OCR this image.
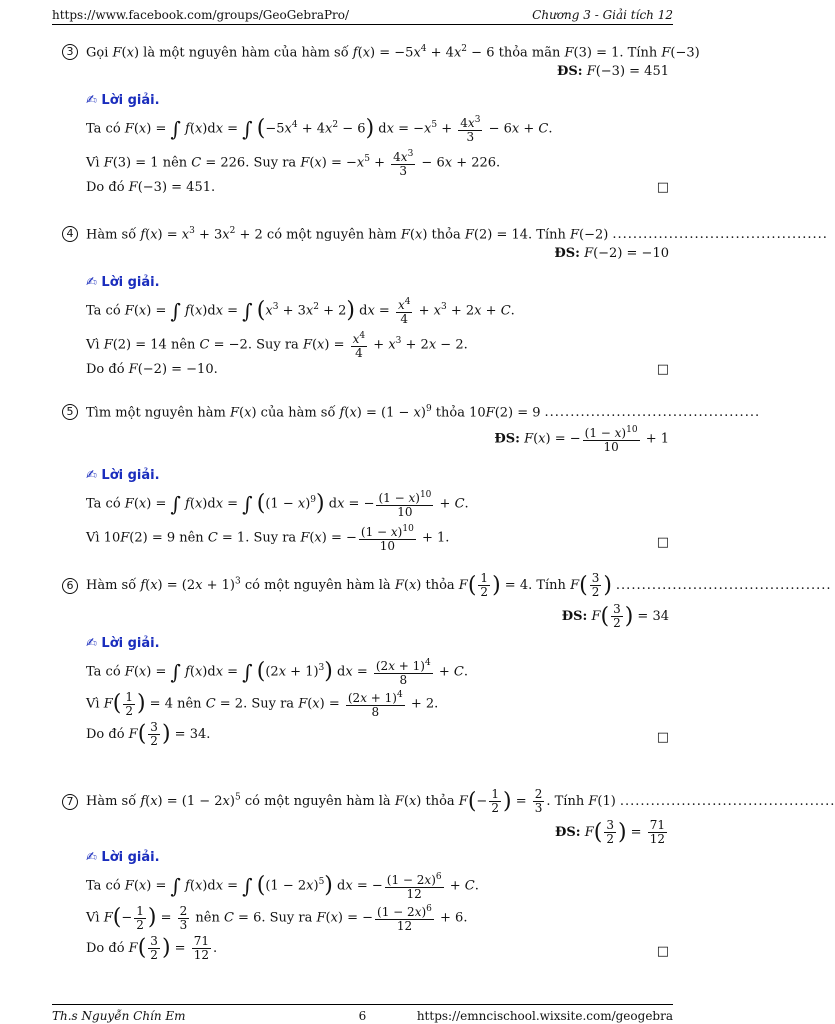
https://www.facebook.com/groups/GeoGebraPro/	Chương 3 - Giải tích 12
3 Gọi F(x) là một nguyên hàm của hàm số $f(x) = -5x^4 + 4x^2 - 6$ thỏa mãn F(3) = 1. Tính F(−3)
ĐS: F(−3) = 451
✍ Lời giải.
Ta có F(x) = ∫ f(x)dx = ∫ $(-5x^4 + 4x^2 - 6)$ dx = $-x^5 + \frac{4x^3}{3} - 6x + C$.
Vì F(3) = 1 nên C = 226. Suy ra $F(x) = -x^5 + \frac{4x^3}{3} - 6x + 226$.
Do đó F(−3) = 451.	□
4 Hàm số $f(x) = x^3 + 3x^2 + 2$ có một nguyên hàm F(x) thỏa F(2) = 14. Tính F(−2) ..........................................
ĐS: F(−2) = −10
✍ Lời giải.
Ta có F(x) = ∫ f(x)dx = ∫ $(x^3 + 3x^2 + 2)$ dx = $\frac{x^4}{4} + x^3 + 2x + C$.
Vì F(2) = 14 nên C = −2. Suy ra $F(x) = \frac{x^4}{4} + x^3 + 2x - 2$.
Do đó F(−2) = −10.	□
5 Tìm một nguyên hàm F(x) của hàm số $f(x) = (1 - x)^9$ thỏa 10F(2) = 9 ..........................................
ĐS: F(x) = − $\frac{(1 - x)^{10}}{10} + 1$
✍ Lời giải.
Ta có F(x) = ∫ f(x)dx = ∫ $((1 - x)^9)$ dx = − $\frac{(1 - x)^{10}}{10} + C$.
Vì 10F(2) = 9 nên C = 1. Suy ra F(x) = − $\frac{(1 - x)^{10}}{10} + 1$.	□
6 Hàm số $f(x) = (2x + 1)^3$ có một nguyên hàm là F(x) thỏa $F( \frac{1}{2}$ ) = 4. Tính $F( \frac{3}{2}$ ) ..........................................
ĐS: $F( \frac{3}{2}$ ) = 34
✍ Lời giải.
Ta có F(x) = ∫ f(x)dx = ∫ $((2x + 1)^3)$ dx = $\frac{(2x + 1)^4}{8} + C$.
Vì $F( \frac{1}{2}$ ) = 4 nên C = 2. Suy ra $F(x) = \frac{(2x + 1)^4}{8} + 2$.
Do đó $F( \frac{3}{2}$ ) = 34.	□
7 Hàm số $f(x) = (1 - 2x)^5$ có một nguyên hàm là F(x) thỏa $F(- \frac{1}{2}$ ) = $\frac{2}{3}$ . Tính F(1) ..........................................
ĐS: $F( \frac{3}{2}$ ) = $\frac{71}{12}$
✍ Lời giải.
Ta có F(x) = ∫ f(x)dx = ∫ $((1 - 2x)^5)$ dx = − $\frac{(1 - 2x)^6}{12} + C$.
Vì $F(- \frac{1}{2}$ ) = $\frac{2}{3}$ nên C = 6. Suy ra F(x) = − $\frac{(1 - 2x)^6}{12} + 6$.
Do đó $F( \frac{3}{2}$ ) = $\frac{71}{12}$ .	□
Th.s Nguyễn Chín Em	6	https://emncischool.wixsite.com/geogebra
